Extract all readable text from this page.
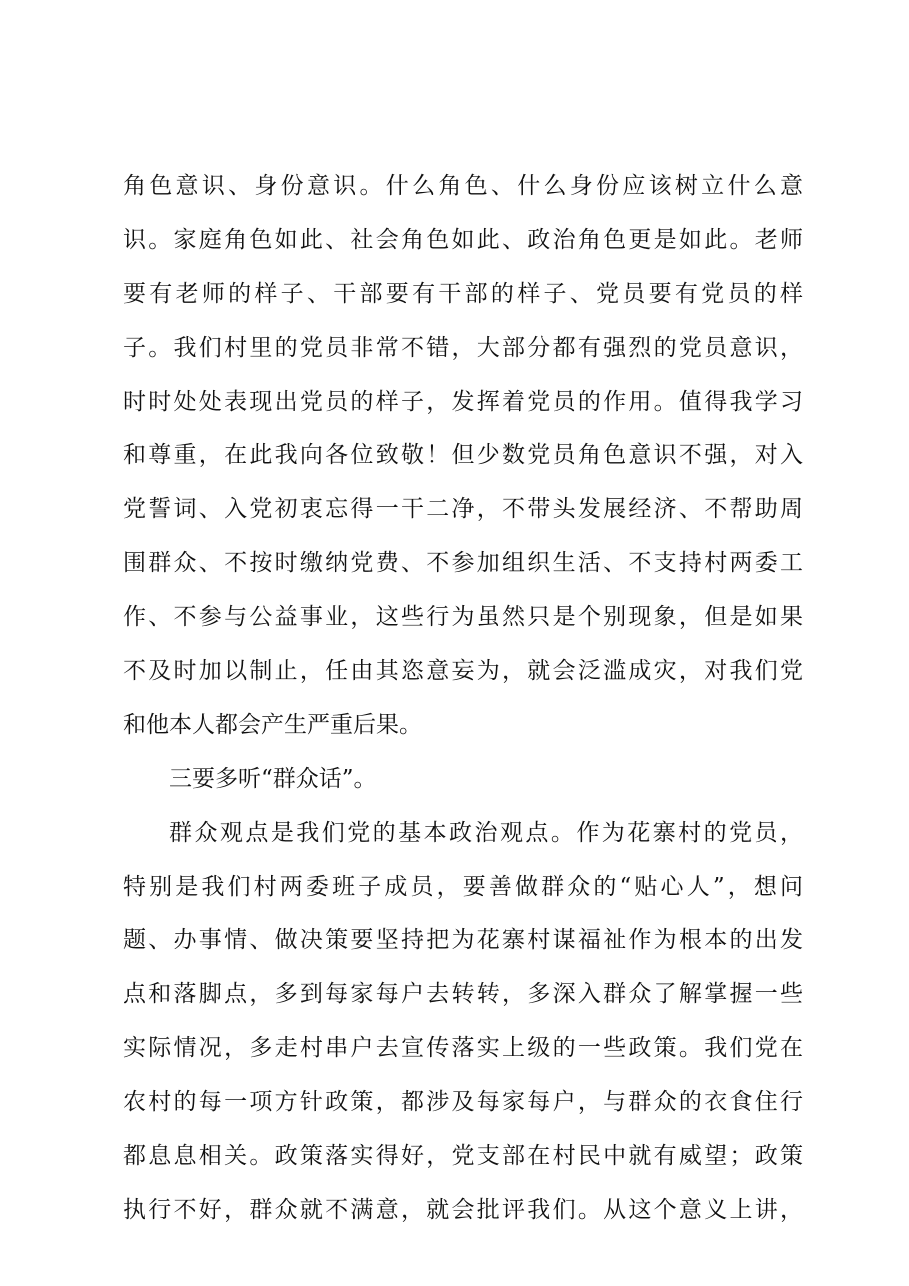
角色意识、身份意识。什么角色、什么身份应该树立什么意
识。家庭角色如此、社会角色如此、政治角色更是如此。老师
要有老师的样子、干部要有干部的样子、党员要有党员的样
子。我们村里的党员非常不错，大部分都有强烈的党员意识，
时时处处表现出党员的样子，发挥着党员的作用。值得我学习
和尊重，在此我向各位致敬！但少数党员角色意识不强，对入
党誓词、入党初衷忘得一干二净，不带头发展经济、不帮助周
围群众、不按时缴纳党费、不参加组织生活、不支持村两委工
作、不参与公益事业，这些行为虽然只是个别现象，但是如果
不及时加以制止，任由其恣意妄为，就会泛滥成灾，对我们党
和他本人都会产生严重后果。
三要多听“群众话”。
群众观点是我们党的基本政治观点。作为花寨村的党员，
特别是我们村两委班子成员，要善做群众的“贴心人”，想问
题、办事情、做决策要坚持把为花寨村谋福祉作为根本的出发
点和落脚点，多到每家每户去转转，多深入群众了解掌握一些
实际情况，多走村串户去宣传落实上级的一些政策。我们党在
农村的每一项方针政策，都涉及每家每户，与群众的衣食住行
都息息相关。政策落实得好，党支部在村民中就有威望；政策
执行不好，群众就不满意，就会批评我们。从这个意义上讲，
